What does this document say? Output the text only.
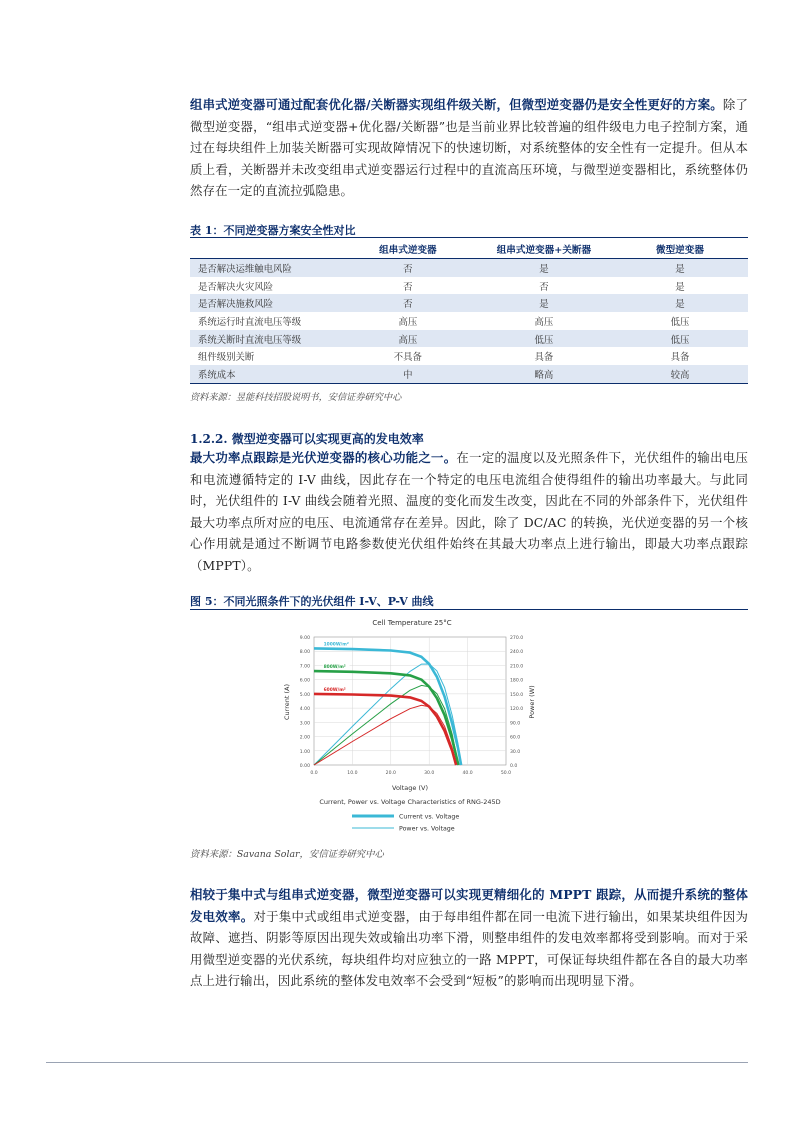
组串式逆变器可通过配套优化器/关断器实现组件级关断，但微型逆变器仍是安全性更好的方案。除了微型逆变器，“组串式逆变器+优化器/关断器”也是当前业界比较普遍的组件级电力电子控制方案，通过在每块组件上加装关断器可实现故障情况下的快速切断，对系统整体的安全性有一定提升。但从本质上看，关断器并未改变组串式逆变器运行过程中的直流高压环境，与微型逆变器相比，系统整体仍然存在一定的直流拉弧隐患。
表 1：不同逆变器方案安全性对比
	组串式逆变器	组串式逆变器+关断器	微型逆变器
是否解决运维触电风险	否	是	是
是否解决火灾风险	否	否	是
是否解决施救风险	否	是	是
系统运行时直流电压等级	高压	高压	低压
系统关断时直流电压等级	高压	低压	低压
组件级别关断	不具备	具备	具备
系统成本	中	略高	较高
资料来源：昱能科技招股说明书，安信证券研究中心
1.2.2. 微型逆变器可以实现更高的发电效率
最大功率点跟踪是光伏逆变器的核心功能之一。在一定的温度以及光照条件下，光伏组件的输出电压和电流遵循特定的 I-V 曲线，因此存在一个特定的电压电流组合使得组件的输出功率最大。与此同时，光伏组件的 I-V 曲线会随着光照、温度的变化而发生改变，因此在不同的外部条件下，光伏组件最大功率点所对应的电压、电流通常存在差异。因此，除了 DC/AC 的转换，光伏逆变器的另一个核心作用就是通过不断调节电路参数使光伏组件始终在其最大功率点上进行输出，即最大功率点跟踪（MPPT）。
图 5：不同光照条件下的光伏组件 I-V、P-V 曲线
Cell Temperature 25°C
0.00
1.00
2.00
3.00
4.00
5.00
6.00
7.00
8.00
9.00
0.0
30.0
60.0
90.0
120.0
150.0
180.0
210.0
240.0
270.0
0.0	10.0	20.0	30.0	40.0	50.0
1000W/m²
800W/m²
600W/m²
Current (A)	Power (W)
Voltage (V)
Current, Power vs. Voltage Characteristics of RNG-245D
Current vs. Voltage
Power vs. Voltage
资料来源：Savana Solar，安信证券研究中心
相较于集中式与组串式逆变器，微型逆变器可以实现更精细化的 MPPT 跟踪，从而提升系统的整体发电效率。对于集中式或组串式逆变器，由于每串组件都在同一电流下进行输出，如果某块组件因为故障、遮挡、阴影等原因出现失效或输出功率下滑，则整串组件的发电效率都将受到影响。而对于采用微型逆变器的光伏系统，每块组件均对应独立的一路 MPPT，可保证每块组件都在各自的最大功率点上进行输出，因此系统的整体发电效率不会受到“短板”的影响而出现明显下滑。
